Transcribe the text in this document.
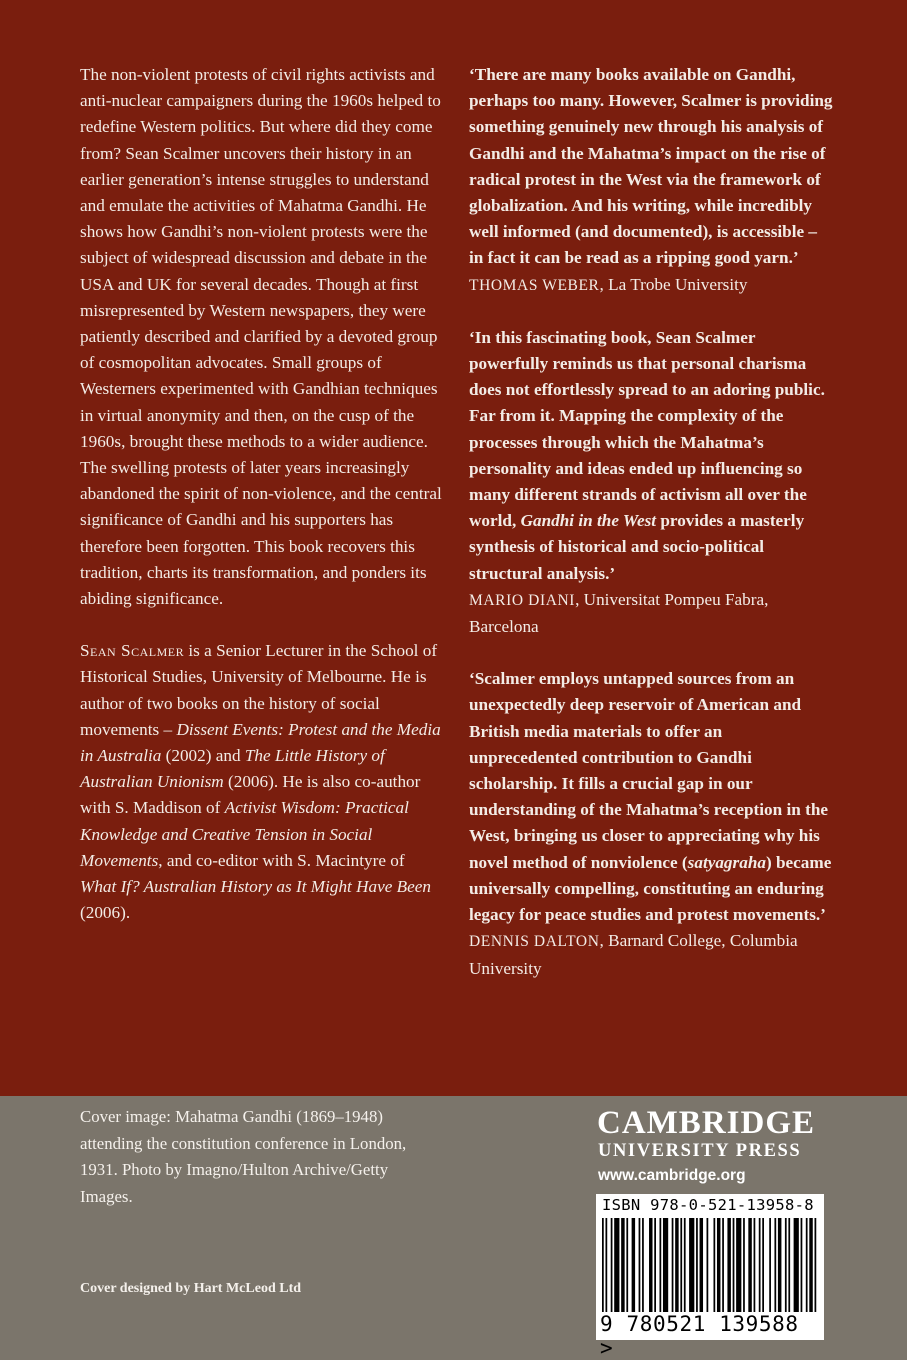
The non-violent protests of civil rights activists and anti-nuclear campaigners during the 1960s helped to redefine Western politics. But where did they come from? Sean Scalmer uncovers their history in an earlier generation’s intense struggles to understand and emulate the activities of Mahatma Gandhi. He shows how Gandhi’s non-violent protests were the subject of widespread discussion and debate in the USA and UK for several decades. Though at first misrepresented by Western newspapers, they were patiently described and clarified by a devoted group of cosmopolitan advocates. Small groups of Westerners experimented with Gandhian techniques in virtual anonymity and then, on the cusp of the 1960s, brought these methods to a wider audience. The swelling protests of later years increasingly abandoned the spirit of non-violence, and the central significance of Gandhi and his supporters has therefore been forgotten. This book recovers this tradition, charts its transformation, and ponders its abiding significance.

Sean Scalmer is a Senior Lecturer in the School of Historical Studies, University of Melbourne. He is author of two books on the history of social movements – Dissent Events: Protest and the Media in Australia (2002) and The Little History of Australian Unionism (2006). He is also co-author with S. Maddison of Activist Wisdom: Practical Knowledge and Creative Tension in Social Movements, and co-editor with S. Macintyre of What If? Australian History as It Might Have Been (2006).

‘There are many books available on Gandhi, perhaps too many. However, Scalmer is providing something genuinely new through his analysis of Gandhi and the Mahatma’s impact on the rise of radical protest in the West via the framework of globalization. And his writing, while incredibly well informed (and documented), is accessible – in fact it can be read as a ripping good yarn.’

THOMAS WEBER, La Trobe University

‘In this fascinating book, Sean Scalmer powerfully reminds us that personal charisma does not effortlessly spread to an adoring public. Far from it. Mapping the complexity of the processes through which the Mahatma’s personality and ideas ended up influencing so many different strands of activism all over the world, Gandhi in the West provides a masterly synthesis of historical and socio-political structural analysis.’

MARIO DIANI, Universitat Pompeu Fabra, Barcelona

‘Scalmer employs untapped sources from an unexpectedly deep reservoir of American and British media materials to offer an unprecedented contribution to Gandhi scholarship. It fills a crucial gap in our understanding of the Mahatma’s reception in the West, bringing us closer to appreciating why his novel method of nonviolence (satyagraha) became universally compelling, constituting an enduring legacy for peace studies and protest movements.’

DENNIS DALTON, Barnard College, Columbia University

Cover image: Mahatma Gandhi (1869–1948) attending the constitution conference in London, 1931. Photo by Imagno/Hulton Archive/Getty Images.
Cover designed by Hart McLeod Ltd
CAMBRIDGE
UNIVERSITY PRESS
www.cambridge.org
ISBN 978-0-521-13958-8
9 780521 139588 >
